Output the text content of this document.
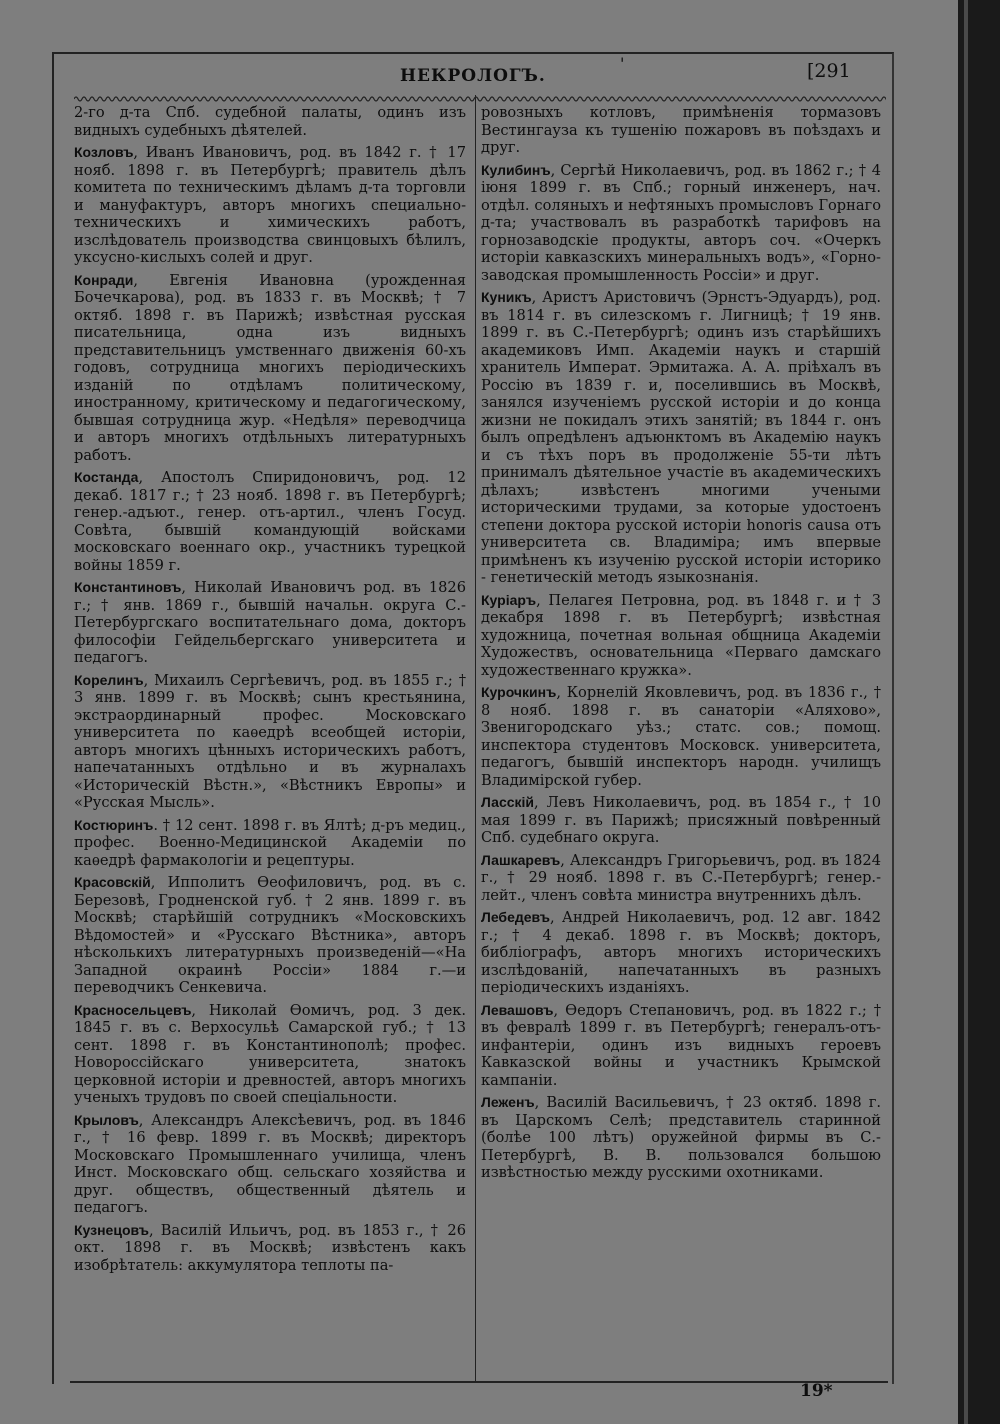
НЕКРОЛОГЪ.
'	[291

2-го д-та Спб. судебной палаты, одинъ изъ видныхъ судебныхъ дѣятелей.

Козловъ, Иванъ Ивановичъ, род. въ 1842 г. † 17 нояб. 1898 г. въ Петербургѣ; правитель дѣлъ комитета по техническимъ дѣламъ д-та торговли и мануфактуръ, авторъ многихъ специально-техническихъ и химическихъ работъ, изслѣдователь производства свинцовыхъ бѣлилъ, уксусно-кислыхъ солей и друг.

Конради, Евгенія Ивановна (урожденная Бочечкарова), род. въ 1833 г. въ Москвѣ; † 7 октяб. 1898 г. въ Парижѣ; извѣстная русская писательница, одна изъ видныхъ представительницъ умственнаго движенія 60-хъ годовъ, сотрудница многихъ періодическихъ изданій по отдѣламъ политическому, иностранному, критическому и педагогическому, бывшая сотрудница жур. «Недѣля» переводчица и авторъ многихъ отдѣльныхъ литературныхъ работъ.

Костанда, Апостолъ Спиридоновичъ, род. 12 декаб. 1817 г.; † 23 нояб. 1898 г. въ Петербургѣ; генер.-адъют., генер. отъ-артил., членъ Госуд. Совѣта, бывшій командующій войсками московскаго военнаго окр., участникъ турецкой войны 1859 г.

Константиновъ, Николай Ивановичъ род. въ 1826 г.; † янв. 1869 г., бывшій начальн. округа С.-Петербургскаго воспитательнаго дома, докторъ философіи Гейдельбергскаго университета и педагогъ.

Корелинъ, Михаилъ Сергѣевичъ, род. въ 1855 г.; † 3 янв. 1899 г. въ Москвѣ; сынъ крестьянина, экстраординарный профес. Московскаго университета по каѳедрѣ всеобщей исторіи, авторъ многихъ цѣнныхъ историческихъ работъ, напечатанныхъ отдѣльно и въ журналахъ «Историческій Вѣстн.», «Вѣстникъ Европы» и «Русская Мысль».

Костюринъ. † 12 сент. 1898 г. въ Ялтѣ; д-ръ медиц., профес. Военно-Медицинской Академіи по каѳедрѣ фармакологіи и рецептуры.

Красовскій, Ипполитъ Ѳеофиловичъ, род. въ с. Березовѣ, Гродненской губ. † 2 янв. 1899 г. въ Москвѣ; старѣйшій сотрудникъ «Московскихъ Вѣдомостей» и «Русскаго Вѣстника», авторъ нѣсколькихъ литературныхъ произведеній—«На Западной окраинѣ Россіи» 1884 г.—и переводчикъ Сенкевича.

Красносельцевъ, Николай Ѳомичъ, род. 3 дек. 1845 г. въ с. Верхосульѣ Самарской губ.; † 13 сент. 1898 г. въ Константинополѣ; профес. Новороссійскаго университета, знатокъ церковной исторіи и древностей, авторъ многихъ ученыхъ трудовъ по своей спеціальности.

Крыловъ, Александръ Алексѣевичъ, род. въ 1846 г., † 16 февр. 1899 г. въ Москвѣ; директоръ Московскаго Промышленнаго училища, членъ Инст. Московскаго общ. сельскаго хозяйства и друг. обществъ, общественный дѣятель и педагогъ.

Кузнецовъ, Василій Ильичъ, род. въ 1853 г., † 26 окт. 1898 г. въ Москвѣ; извѣстенъ какъ изобрѣтатель: аккумулятора теплоты па-

ровозныхъ котловъ, примѣненія тормазовъ Вестингауза къ тушенію пожаровъ въ поѣздахъ и друг.

Кулибинъ, Сергѣй Николаевичъ, род. въ 1862 г.; † 4 іюня 1899 г. въ Спб.; горный инженеръ, нач. отдѣл. соляныхъ и нефтяныхъ промысловъ Горнаго д-та; участвовалъ въ разработкѣ тарифовъ на горнозаводскіе продукты, авторъ соч. «Очеркъ исторіи кавказскихъ минеральныхъ водъ», «Горно-заводская промышленность Россіи» и друг.

Куникъ, Аристъ Аристовичъ (Эрнстъ-Эдуардъ), род. въ 1814 г. въ силезскомъ г. Лигницѣ; † 19 янв. 1899 г. въ С.-Петербургѣ; одинъ изъ старѣйшихъ академиковъ Имп. Академіи наукъ и старшій хранитель Императ. Эрмитажа. А. А. пріѣхалъ въ Россію въ 1839 г. и, поселившись въ Москвѣ, занялся изученіемъ русской исторіи и до конца жизни не покидалъ этихъ занятій; въ 1844 г. онъ былъ опредѣленъ адъюнктомъ въ Академію наукъ и съ тѣхъ поръ въ продолженіе 55-ти лѣтъ принималъ дѣятельное участіе въ академическихъ дѣлахъ; извѣстенъ многими учеными историческими трудами, за которые удостоенъ степени доктора русской исторіи honoris causa отъ университета св. Владиміра; имъ впервые примѣненъ къ изученію русской исторіи историко - генетическій методъ языкознанія.

Куріаръ, Пелагея Петровна, род. въ 1848 г. и † 3 декабря 1898 г. въ Петербургѣ; извѣстная художница, почетная вольная общница Академіи Художествъ, основательница «Перваго дамскаго художественнаго кружка».

Курочкинъ, Корнелій Яковлевичъ, род. въ 1836 г., † 8 нояб. 1898 г. въ санаторіи «Аляхово», Звенигородскаго уѣз.; статс. сов.; помощ. инспектора студентовъ Московск. университета, педагогъ, бывшій инспекторъ народн. училищъ Владимірской губер.

Ласскій, Левъ Николаевичъ, род. въ 1854 г., † 10 мая 1899 г. въ Парижѣ; присяжный повѣренный Спб. судебнаго округа.

Лашкаревъ, Александръ Григорьевичъ, род. въ 1824 г., † 29 нояб. 1898 г. въ С.-Петербургѣ; генер.-лейт., членъ совѣта министра внутреннихъ дѣлъ.

Лебедевъ, Андрей Николаевичъ, род. 12 авг. 1842 г.; † 4 декаб. 1898 г. въ Москвѣ; докторъ, библіографъ, авторъ многихъ историческихъ изслѣдованій, напечатанныхъ въ разныхъ періодическихъ изданіяхъ.

Левашовъ, Ѳедоръ Степановичъ, род. въ 1822 г.; † въ февралѣ 1899 г. въ Петербургѣ; генералъ-отъ-инфантеріи, одинъ изъ видныхъ героевъ Кавказской войны и участникъ Крымской кампаніи.

Леженъ, Василій Васильевичъ, † 23 октяб. 1898 г. въ Царскомъ Селѣ; представитель старинной (болѣе 100 лѣтъ) оружейной фирмы въ С.-Петербургѣ, В. В. пользовался большою извѣстностью между русскими охотниками.

19*
